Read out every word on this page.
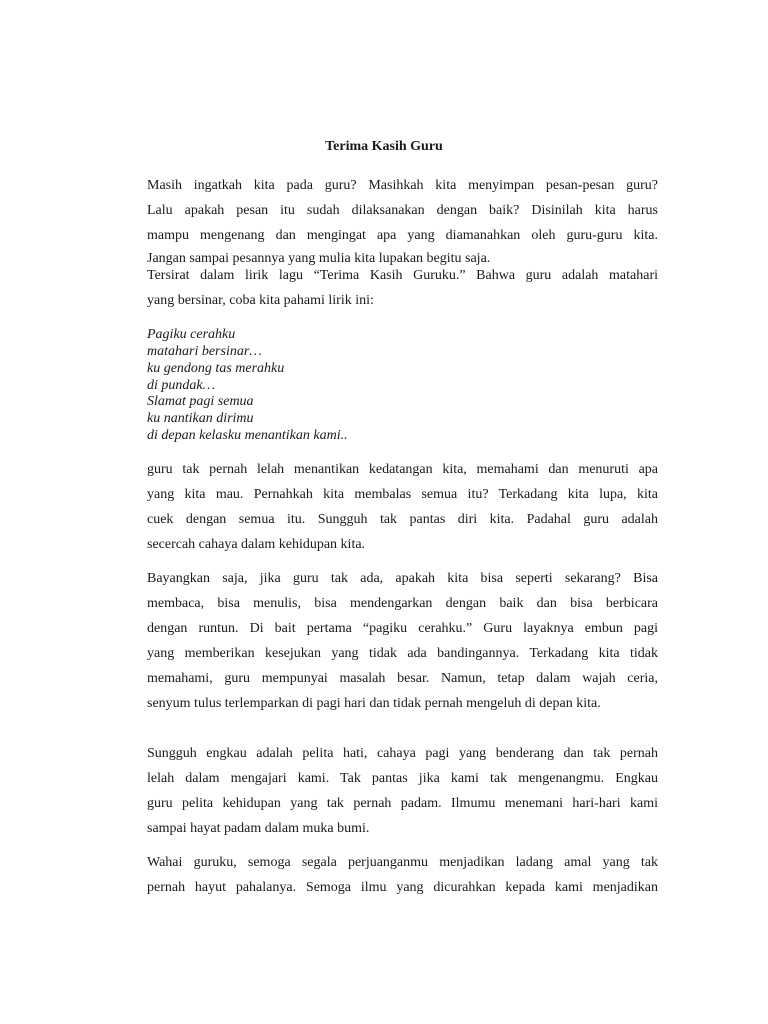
Terima Kasih Guru
Masih ingatkah kita pada guru? Masihkah kita menyimpan pesan-pesan guru?
Lalu apakah pesan itu sudah dilaksanakan dengan baik? Disinilah kita harus
mampu mengenang dan mengingat apa yang diamanahkan oleh guru-guru kita.
Jangan sampai pesannya yang mulia kita lupakan begitu saja.
Tersirat dalam lirik lagu “Terima Kasih Guruku.” Bahwa guru adalah matahari
yang bersinar, coba kita pahami lirik ini:
Pagiku cerahku
matahari bersinar…
ku gendong tas merahku
di pundak…
Slamat pagi semua
ku nantikan dirimu
di depan kelasku menantikan kami..
guru tak pernah lelah menantikan kedatangan kita, memahami dan menuruti apa
yang kita mau. Pernahkah kita membalas semua itu? Terkadang kita lupa, kita
cuek dengan semua itu. Sungguh tak pantas diri kita. Padahal guru adalah
secercah cahaya dalam kehidupan kita.
Bayangkan saja, jika guru tak ada, apakah kita bisa seperti sekarang? Bisa
membaca, bisa menulis, bisa mendengarkan dengan baik dan bisa berbicara
dengan runtun. Di bait pertama “pagiku cerahku.” Guru layaknya embun pagi
yang memberikan kesejukan yang tidak ada bandingannya. Terkadang kita tidak
memahami, guru mempunyai masalah besar. Namun, tetap dalam wajah ceria,
senyum tulus terlemparkan di pagi hari dan tidak pernah mengeluh di depan kita.
Sungguh engkau adalah pelita hati, cahaya pagi yang benderang dan tak pernah
lelah dalam mengajari kami. Tak pantas jika kami tak mengenangmu. Engkau
guru pelita kehidupan yang tak pernah padam. Ilmumu menemani hari-hari kami
sampai hayat padam dalam muka bumi.
Wahai guruku, semoga segala perjuanganmu menjadikan ladang amal yang tak
pernah hayut pahalanya. Semoga ilmu yang dicurahkan kepada kami menjadikan
